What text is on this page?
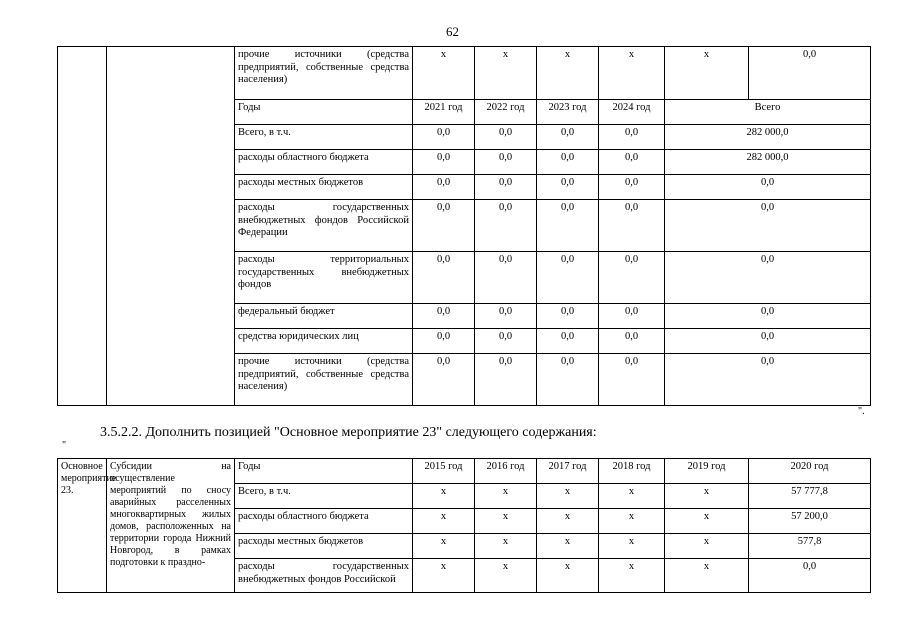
62
		прочие источники (средства предприятий, собственные средства населения)	x	x	x	x	x	0,0
		Годы	2021 год	2022 год	2023 год	2024 год	Всего	
		Всего, в т.ч.	0,0	0,0	0,0	0,0	282 000,0	
		расходы областного бюджета	0,0	0,0	0,0	0,0	282 000,0	
		расходы местных бюджетов	0,0	0,0	0,0	0,0	0,0	
		расходы государственных внебюджетных фондов Российской Федерации	0,0	0,0	0,0	0,0	0,0	
		расходы территориальных государственных внебюджетных фондов	0,0	0,0	0,0	0,0	0,0	
		федеральный бюджет	0,0	0,0	0,0	0,0	0,0	
		средства юридических лиц	0,0	0,0	0,0	0,0	0,0	
		прочие источники (средства предприятий, собственные средства населения)	0,0	0,0	0,0	0,0	0,0	
".
3.5.2.2. Дополнить позицией "Основное мероприятие 23" следующего содержания:
"
Основное мероприятие 23.	Субсидии на осуществление мероприятий по сносу аварийных расселенных многоквартирных жилых домов, расположенных на территории города Нижний Новгород, в рамках подготовки к праздно-	Годы	2015 год	2016 год	2017 год	2018 год	2019 год	2020 год
		Всего, в т.ч.	x	x	x	x	x	57 777,8
		расходы областного бюджета	x	x	x	x	x	57 200,0
		расходы местных бюджетов	x	x	x	x	x	577,8
		расходы государственных внебюджетных фондов Российской	x	x	x	x	x	0,0
